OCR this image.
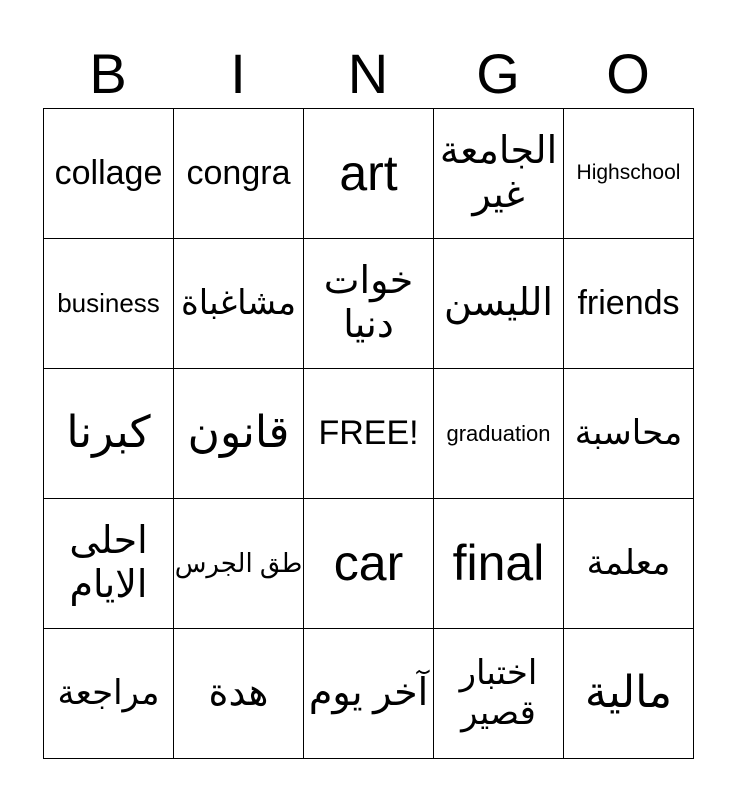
B	I	N	G	O
collage	congra	art	الجامعة غير	Highschool
business	مشاغباة	خوات دنيا	الليسن	friends
كبرنا	قانون	FREE!	graduation	محاسبة
احلى الايام	طق الجرس	car	final	معلمة
مراجعة	هدة	آخر يوم	اختبار قصير	مالية
